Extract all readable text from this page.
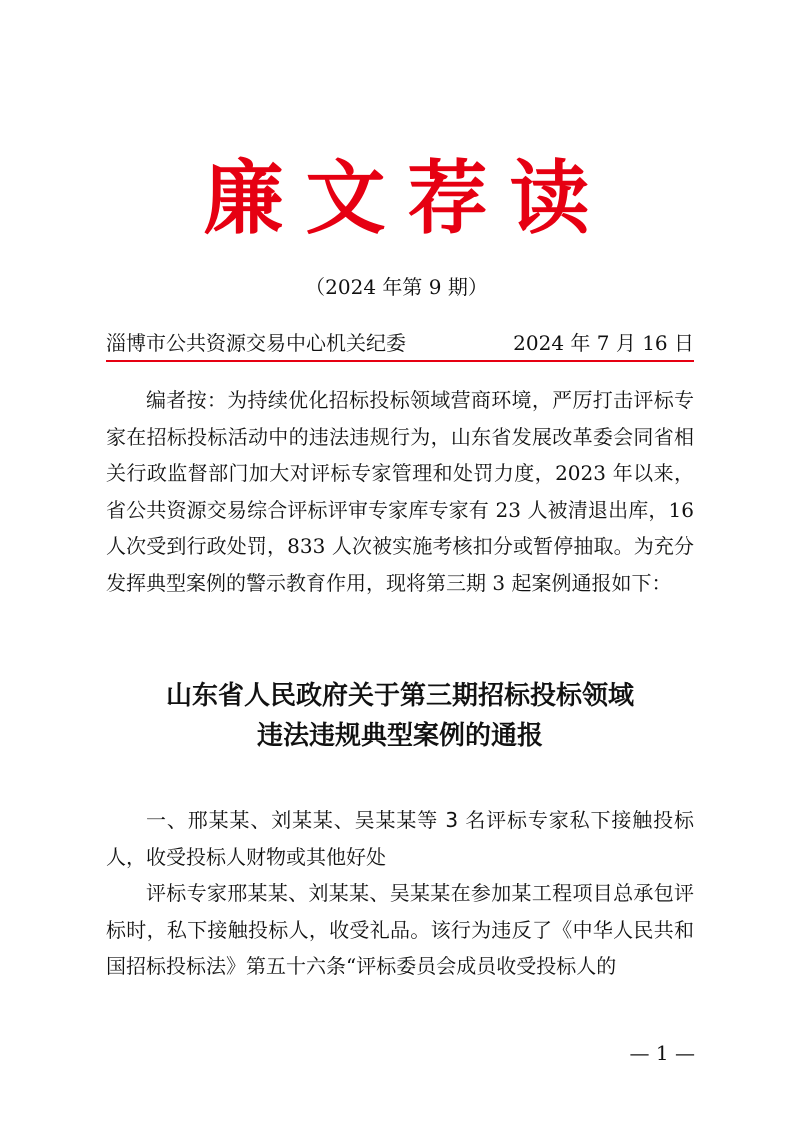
廉文荐读
（2024 年第 9 期）
淄博市公共资源交易中心机关纪委	2024 年 7 月 16 日

编者按：为持续优化招标投标领域营商环境，严厉打击评标专家在招标投标活动中的违法违规行为，山东省发展改革委会同省相关行政监督部门加大对评标专家管理和处罚力度，2023 年以来，省公共资源交易综合评标评审专家库专家有 23 人被清退出库，16 人次受到行政处罚，833 人次被实施考核扣分或暂停抽取。为充分发挥典型案例的警示教育作用，现将第三期 3 起案例通报如下：

山东省人民政府关于第三期招标投标领域
违法违规典型案例的通报

一、邢某某、刘某某、吴某某等 3 名评标专家私下接触投标人，收受投标人财物或其他好处

评标专家邢某某、刘某某、吴某某在参加某工程项目总承包评标时，私下接触投标人，收受礼品。该行为违反了《中华人民共和国招标投标法》第五十六条“评标委员会成员收受投标人的

— 1 —
